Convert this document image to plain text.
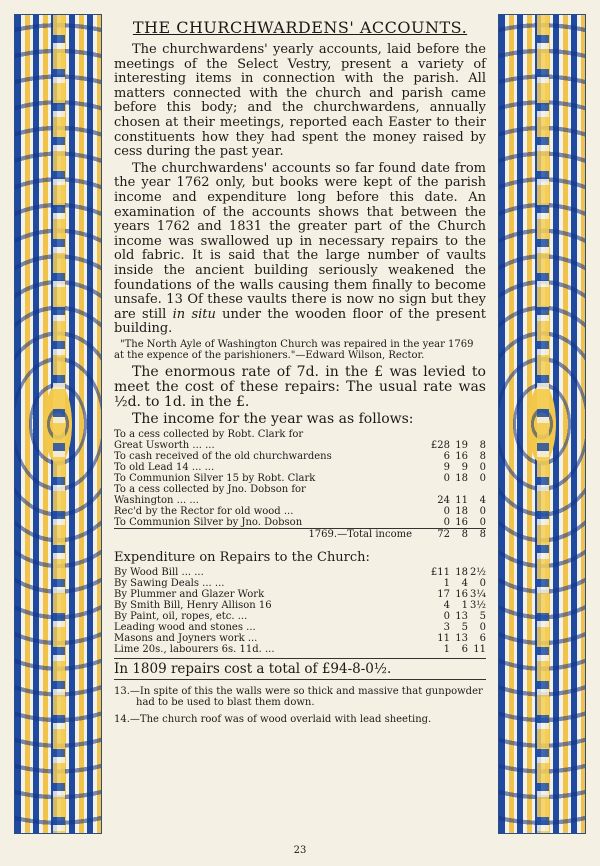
THE CHURCHWARDENS' ACCOUNTS.

The churchwardens' yearly accounts, laid before the meetings of the Select Vestry, present a variety of interesting items in connection with the parish. All matters connected with the church and parish came before this body; and the churchwardens, annually chosen at their meetings, reported each Easter to their constituents how they had spent the money raised by cess during the past year.

The churchwardens' accounts so far found date from the year 1762 only, but books were kept of the parish income and expenditure long before this date. An examination of the accounts shows that between the years 1762 and 1831 the greater part of the Church income was swallowed up in necessary repairs to the old fabric. It is said that the large number of vaults inside the ancient building seriously weakened the foundations of the walls causing them finally to become unsafe. 13 Of these vaults there is now no sign but they are still in situ under the wooden floor of the present building.

"The North Ayle of Washington Church was repaired in the year 1769 at the expence of the parishioners."—Edward Wilson, Rector.

The enormous rate of 7d. in the £ was levied to meet the cost of these repairs: The usual rate was ½d. to 1d. in the £.

The income for the year was as follows:

To a cess collected by Robt. Clark for			
Great Usworth ... ...	£28	19	8
To cash received of the old churchwardens	6	16	8
To old Lead 14 ... ...	9	9	0
To Communion Silver 15 by Robt. Clark	0	18	0
To a cess collected by Jno. Dobson for			
Washington ... ...	24	11	4
Rec'd by the Rector for old wood ...	0	18	0
To Communion Silver by Jno. Dobson	0	16	0
1769.—Total income	72	8	8
Expenditure on Repairs to the Church:
By Wood Bill ... ...	£11	18	2½
By Sawing Deals ... ...	1	4	0
By Plummer and Glazer Work	17	16	3¼
By Smith Bill, Henry Allison 16	4	1	3½
By Paint, oil, ropes, etc. ...	0	13	5
Leading wood and stones ...	3	5	0
Masons and Joyners work ...	11	13	6
Lime 20s., labourers 6s. 11d. ...	1	6	11
In 1809 repairs cost a total of £94-8-0½.

13.—In spite of this the walls were so thick and massive that gunpowder had to be used to blast them down.

14.—The church roof was of wood overlaid with lead sheeting.

23
